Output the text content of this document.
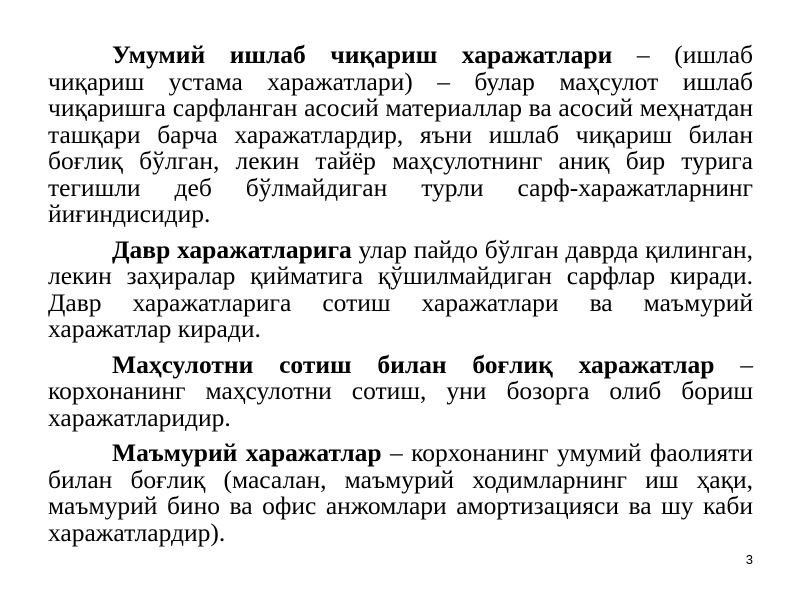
Умумий ишлаб чиқариш харажатлари – (ишлаб чиқариш устама харажатлари) – булар маҳсулот ишлаб чиқаришга сарфланган асосий материаллар ва асосий меҳнатдан ташқари барча харажатлардир, яъни ишлаб чиқариш билан боғлиқ бўлган, лекин тайёр маҳсулотнинг аниқ бир турига тегишли деб бўлмайдиган турли сарф-харажатларнинг йиғиндисидир.

Давр харажатларига улар пайдо бўлган даврда қилинган, лекин заҳиралар қийматига қўшилмайдиган сарфлар киради. Давр харажатларига сотиш харажатлари ва маъмурий харажатлар киради.

Маҳсулотни сотиш билан боғлиқ харажатлар – корхонанинг маҳсулотни сотиш, уни бозорга олиб бориш харажатларидир.

Маъмурий харажатлар – корхонанинг умумий фаолияти билан боғлиқ (масалан, маъмурий ходимларнинг иш ҳақи, маъмурий бино ва офис анжомлари амортизацияси ва шу каби харажатлардир).

3
